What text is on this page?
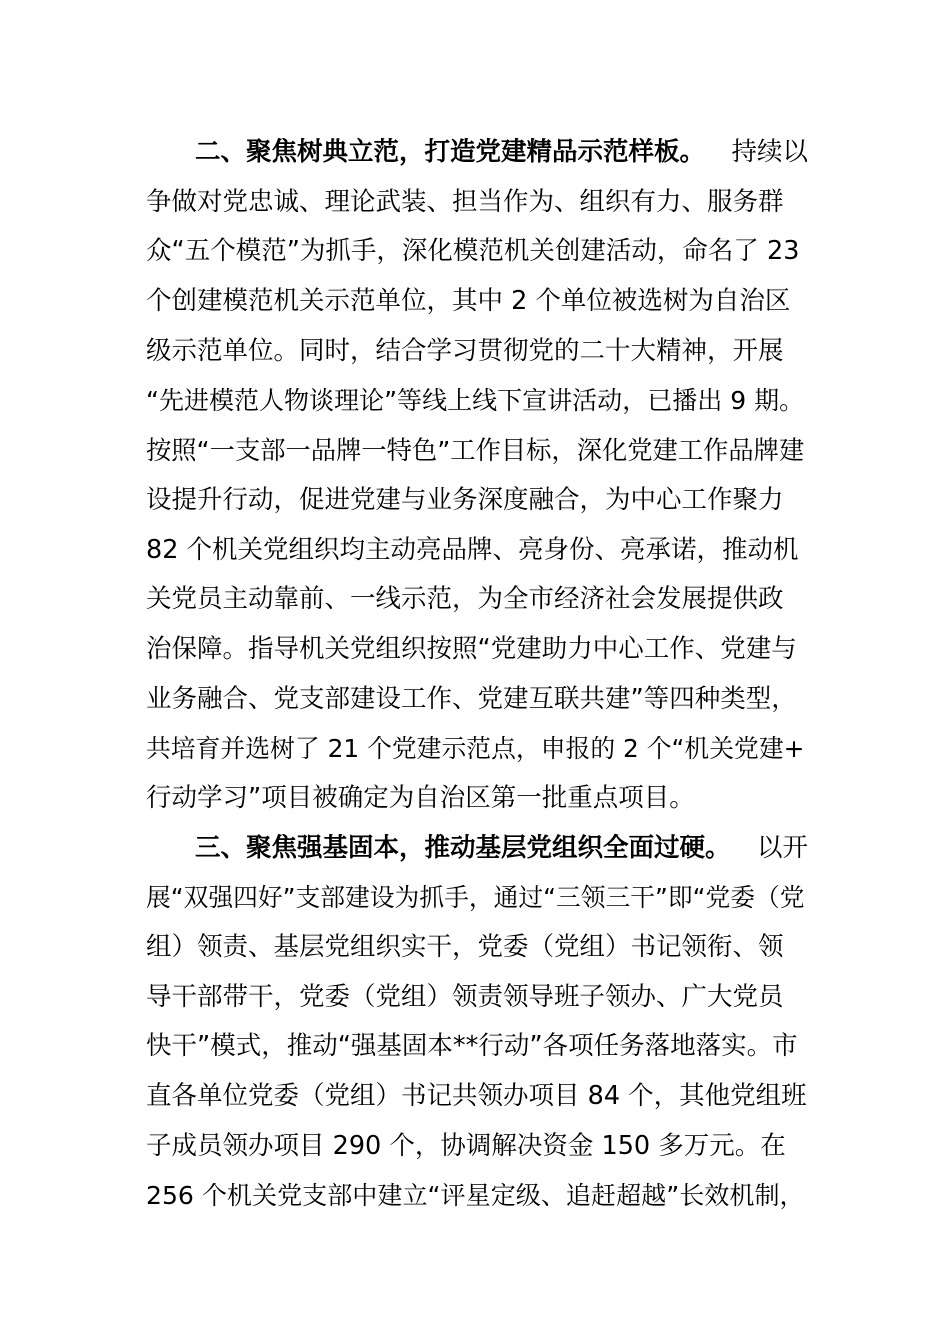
二、聚焦树典立范，打造党建精品示范样板。 持续以
争做对党忠诚、理论武装、担当作为、组织有力、服务群
众“五个模范”为抓手，深化模范机关创建活动，命名了 23
个创建模范机关示范单位，其中 2 个单位被选树为自治区
级示范单位。同时，结合学习贯彻党的二十大精神，开展
“先进模范人物谈理论”等线上线下宣讲活动，已播出 9 期。
按照“一支部一品牌一特色”工作目标，深化党建工作品牌建
设提升行动，促进党建与业务深度融合，为中心工作聚力
82 个机关党组织均主动亮品牌、亮身份、亮承诺，推动机
关党员主动靠前、一线示范，为全市经济社会发展提供政
治保障。指导机关党组织按照“党建助力中心工作、党建与
业务融合、党支部建设工作、党建互联共建”等四种类型，
共培育并选树了 21 个党建示范点，申报的 2 个“机关党建+
行动学习”项目被确定为自治区第一批重点项目。
三、聚焦强基固本，推动基层党组织全面过硬。 以开
展“双强四好”支部建设为抓手，通过“三领三干”即“党委（党
组）领责、基层党组织实干，党委（党组）书记领衔、领
导干部带干，党委（党组）领责领导班子领办、广大党员
快干”模式，推动“强基固本**行动”各项任务落地落实。市
直各单位党委（党组）书记共领办项目 84 个，其他党组班
子成员领办项目 290 个，协调解决资金 150 多万元。在
256 个机关党支部中建立“评星定级、追赶超越”长效机制，
